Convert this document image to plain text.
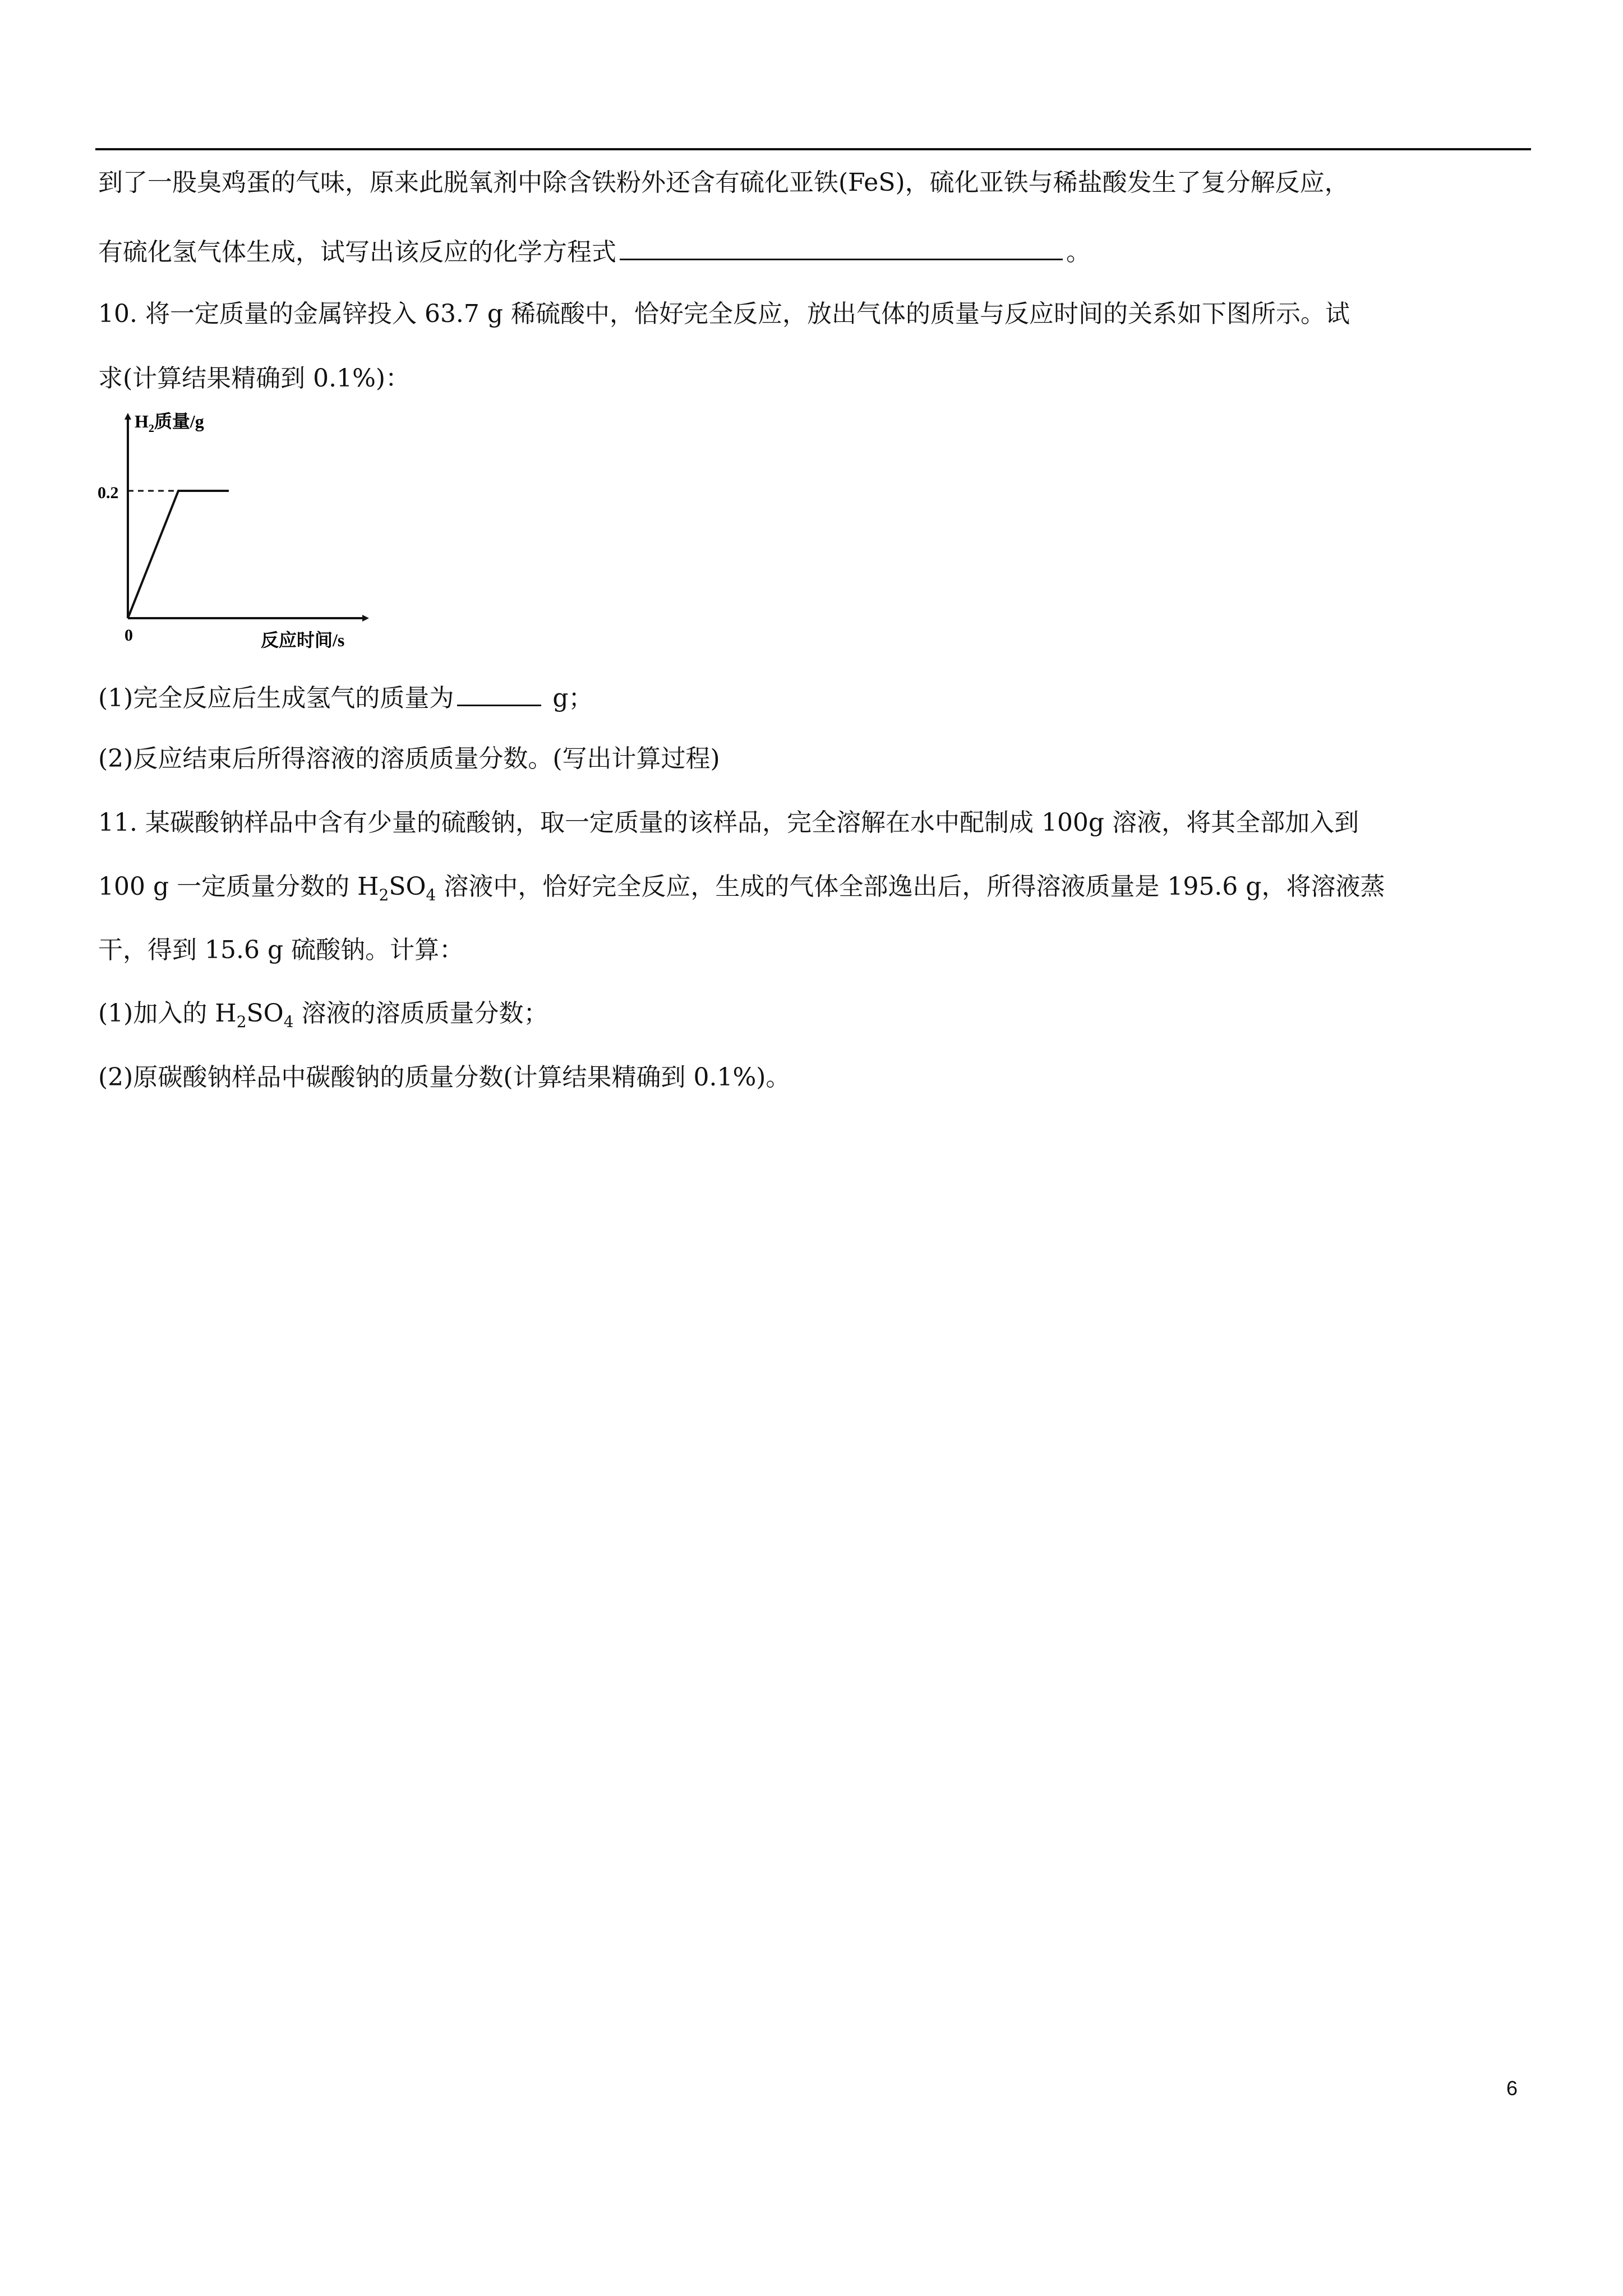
到了一股臭鸡蛋的气味，原来此脱氧剂中除含铁粉外还含有硫化亚铁(FeS)，硫化亚铁与稀盐酸发生了复分解反应，
有硫化氢气体生成，试写出该反应的化学方程式	。
10. 将一定质量的金属锌投入 63.7 g 稀硫酸中，恰好完全反应，放出气体的质量与反应时间的关系如下图所示。试
求(计算结果精确到 0.1%)：
$H_2$质量/g
0.2
0	反应时间/s
(1)完全反应后生成氢气的质量为	g；
(2)反应结束后所得溶液的溶质质量分数。(写出计算过程)
11. 某碳酸钠样品中含有少量的硫酸钠，取一定质量的该样品，完全溶解在水中配制成 100g 溶液，将其全部加入到
100 g 一定质量分数的 $H_2SO_4$ 溶液中，恰好完全反应，生成的气体全部逸出后，所得溶液质量是 195.6 g，将溶液蒸
干，得到 15.6 g 硫酸钠。计算：
(1)加入的 $H_2SO_4$ 溶液的溶质质量分数；
(2)原碳酸钠样品中碳酸钠的质量分数(计算结果精确到 0.1%)。
6
